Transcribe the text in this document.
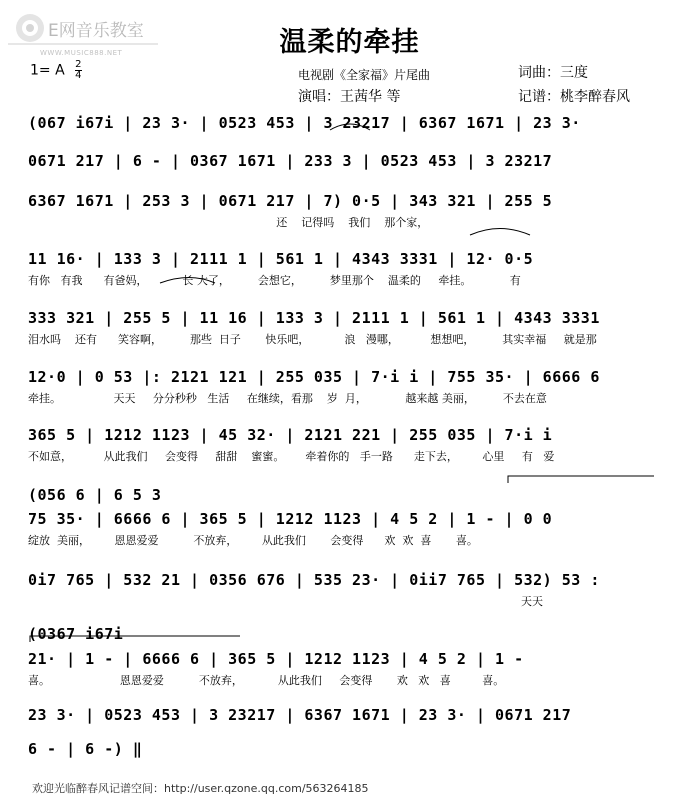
E网音乐教室
WWW.MUSIC888.NET	温柔的牵挂
1= A $\frac{2}{4}$	电视剧《全家福》片尾曲	词曲：三度
演唱：王茜华 等	记谱：桃李醉春风
(067 i67i | 23 3· | 0523 453 | 3 23217 | 6367 1671 | 23 3·
0671 217 | 6 - | 0367 1671 | 233 3 | 0523 453 | 3 23217
6367 1671 | 253 3 | 0671 217 | 7) 0·5 | 343 321 | 255 5
还    记得吗    我们    那个家，
11 16· | 133 3 | 2111 1 | 561 1 | 4343 3331 | 12· 0·5
有你   有我      有爸妈，          长 大了，        会想它，        梦里那个    温柔的     牵挂。           有
333 321 | 255 5 | 11 16 | 133 3 | 2111 1 | 561 1 | 4343 3331
泪水吗    还有      笑容啊，        那些  日子       快乐吧，          浪   漫哪，         想想吧，        其实幸福     就是那
12·0 | 0 53 |: 2121 121 | 255 035 | 7·i i | 755 35· | 6666 6
牵挂。               天天     分分秒秒   生活     在继续，看那    岁  月，           越来越 美丽，        不去在意
365 5 | 1212 1123 | 45 32· | 2121 221 | 255 035 | 7·i i
不如意，         从此我们     会变得     甜甜    蜜蜜。      牵着你的   手一路      走下去，       心里     有   爱
(056 6 | 6 5 3
75 35· | 6666 6 | 365 5 | 1212 1123 | 4 5 2 | 1 - | 0 0
绽放  美丽，       恩恩爱爱          不放弃，       从此我们       会变得      欢  欢  喜       喜。
0i7 765 | 532 21 | 0356 676 | 535 23· | 0ii7 765 | 532) 53 :
天天
(0367 i67i
21· | 1 - | 6666 6 | 365 5 | 1212 1123 | 4 5 2 | 1 -
喜。                    恩恩爱爱          不放弃，          从此我们     会变得       欢   欢   喜         喜。
23 3· | 0523 453 | 3 23217 | 6367 1671 | 23 3· | 0671 217
6 - | 6 -) ‖
欢迎光临醉春风记谱空间：http://user.qzone.qq.com/563264185
